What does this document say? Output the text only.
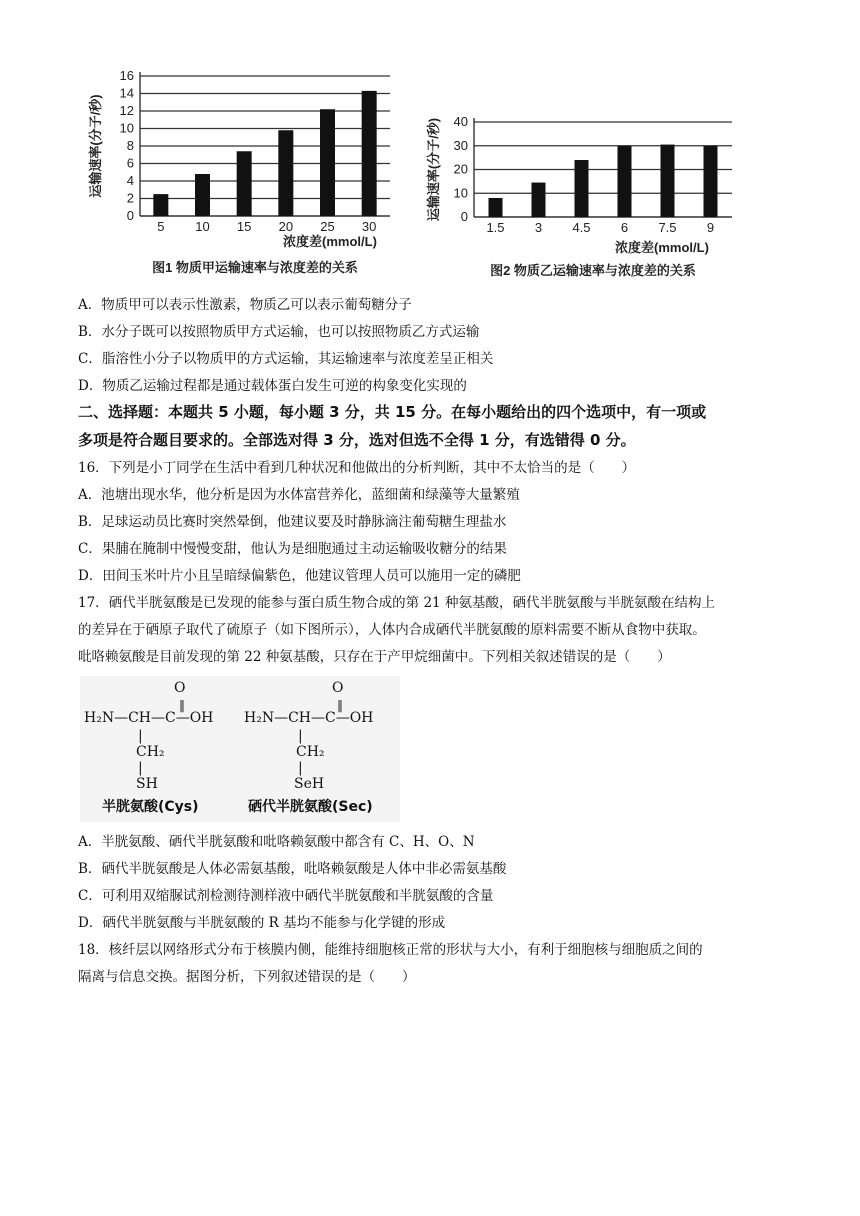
0
2
4
6
8
10
12
14
16
5 10 15 20 25 30
运输速率(分子/秒)
浓度差(mmol/L)
图1 物质甲运输速率与浓度差的关系
0
10
20
30
40
1.5 3 4.5 6 7.5 9
运输速率(分子/秒)
浓度差(mmol/L)
图2 物质乙运输速率与浓度差的关系
A．物质甲可以表示性激素，物质乙可以表示葡萄糖分子
B．水分子既可以按照物质甲方式运输，也可以按照物质乙方式运输
C．脂溶性小分子以物质甲的方式运输，其运输速率与浓度差呈正相关
D．物质乙运输过程都是通过载体蛋白发生可逆的构象变化实现的
二、选择题：本题共 5 小题，每小题 3 分，共 15 分。在每小题给出的四个选项中，有一项或
多项是符合题目要求的。全部选对得 3 分，选对但选不全得 1 分，有选错得 0 分。
16．下列是小丁同学在生活中看到几种状况和他做出的分析判断，其中不太恰当的是（　　）
A．池塘出现水华，他分析是因为水体富营养化，蓝细菌和绿藻等大量繁殖
B．足球运动员比赛时突然晕倒，他建议要及时静脉滴注葡萄糖生理盐水
C．果脯在腌制中慢慢变甜，他认为是细胞通过主动运输吸收糖分的结果
D．田间玉米叶片小且呈暗绿偏紫色，他建议管理人员可以施用一定的磷肥
17．硒代半胱氨酸是已发现的能参与蛋白质生物合成的第 21 种氨基酸，硒代半胱氨酸与半胱氨酸在结构上
的差异在于硒原子取代了硫原子（如下图所示），人体内合成硒代半胱氨酸的原料需要不断从食物中获取。
吡咯赖氨酸是目前发现的第 22 种氨基酸，只存在于产甲烷细菌中。下列相关叙述错误的是（　　）
O
‖
H₂N—CH—C—OH
|
CH₂
|
SH
半胱氨酸(Cys)
O
‖
H₂N—CH—C—OH
|
CH₂
|
SeH
硒代半胱氨酸(Sec)
A．半胱氨酸、硒代半胱氨酸和吡咯赖氨酸中都含有 C、H、O、N
B．硒代半胱氨酸是人体必需氨基酸，吡咯赖氨酸是人体中非必需氨基酸
C．可利用双缩脲试剂检测待测样液中硒代半胱氨酸和半胱氨酸的含量
D．硒代半胱氨酸与半胱氨酸的 R 基均不能参与化学键的形成
18．核纤层以网络形式分布于核膜内侧，能维持细胞核正常的形状与大小，有利于细胞核与细胞质之间的
隔离与信息交换。据图分析，下列叙述错误的是（　　）
